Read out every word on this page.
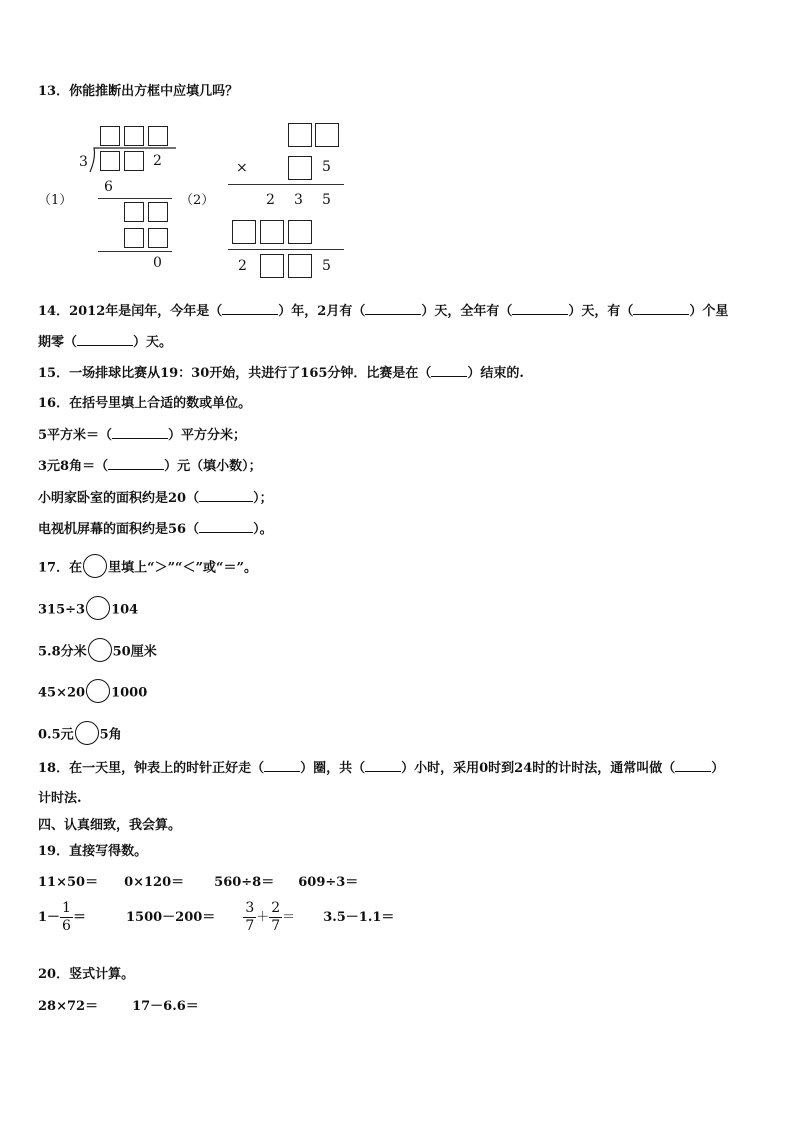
13．你能推断出方框中应填几吗？
（1）
3	2
6
0
（2）
×	5
2 3 5
2	5
14．2012年是闰年，今年是（	）年，2月有（	）天，全年有（	）天，有（	）个星
期零（	）天。
15．一场排球比赛从19：30开始，共进行了165分钟．比赛是在（	）结束的.
16．在括号里填上合适的数或单位。
5平方米＝（	）平方分米；
3元8角＝（	）元（填小数）；
小明家卧室的面积约是20（	）；
电视机屏幕的面积约是56（	）。
17．在 里填上“＞”“＜”或“＝”。
315÷3 104
5.8分米 50厘米
45×20 1000
0.5元 5角
18．在一天里，钟表上的时针正好走（	）圈，共（	）小时，采用0时到24时的计时法，通常叫做（	）
计时法.
四、认真细致，我会算。
19．直接写得数。
11×50＝ 0×120＝ 560÷8＝ 609÷3＝
$1- \frac{1}{6}$ ＝	$1500-200= \frac{3}{7} + \frac{2}{7} = 3.5-1.1=$
20．竖式计算。
28×72＝	17－6.6＝
